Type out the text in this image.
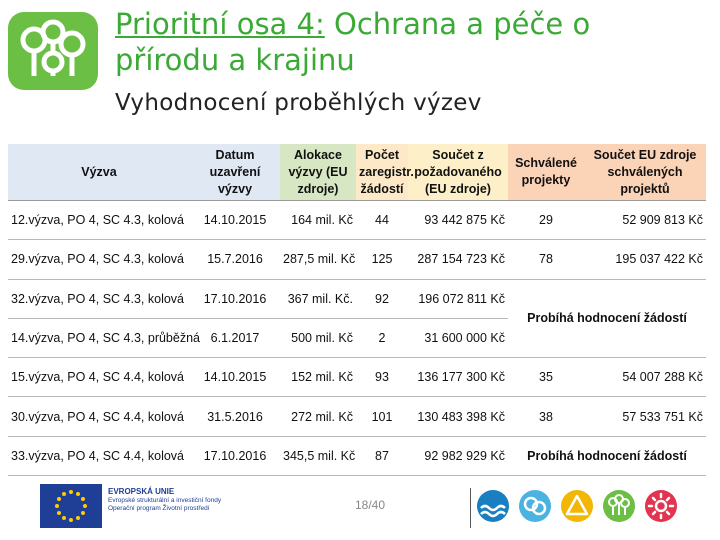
Prioritní osa 4: Ochrana a péče o přírodu a krajinu
Vyhodnocení proběhlých výzev
Výzva	Datum uzavření výzvy	Alokace výzvy (EU zdroje)	Počet zaregistr. žádostí	Součet z požadovaného (EU zdroje)	Schválené projekty	Součet EU zdroje schválených projektů
12.výzva, PO 4, SC 4.3, kolová	14.10.2015	164 mil. Kč	44	93 442 875 Kč	29	52 909 813 Kč
29.výzva, PO 4, SC 4.3, kolová	15.7.2016	287,5 mil. Kč	125	287 154 723 Kč	78	195 037 422 Kč
32.výzva, PO 4, SC 4.3, kolová	17.10.2016	367 mil. Kč.	92	196 072 811 Kč	Probíhá hodnocení žádostí	
14.výzva, PO 4, SC 4.3, průběžná	6.1.2017	500 mil. Kč	2	31 600 000 Kč		
15.výzva, PO 4, SC 4.4, kolová	14.10.2015	152 mil. Kč	93	136 177 300 Kč	35	54 007 288 Kč
30.výzva, PO 4, SC 4.4, kolová	31.5.2016	272 mil. Kč	101	130 483 398 Kč	38	57 533 751 Kč
33.výzva, PO 4, SC 4.4, kolová	17.10.2016	345,5 mil. Kč	87	92 982 929 Kč	Probíhá hodnocení žádostí	
EVROPSKÁ UNIE
Evropské strukturální a investiční fondy
Operační program Životní prostředí	18/40
